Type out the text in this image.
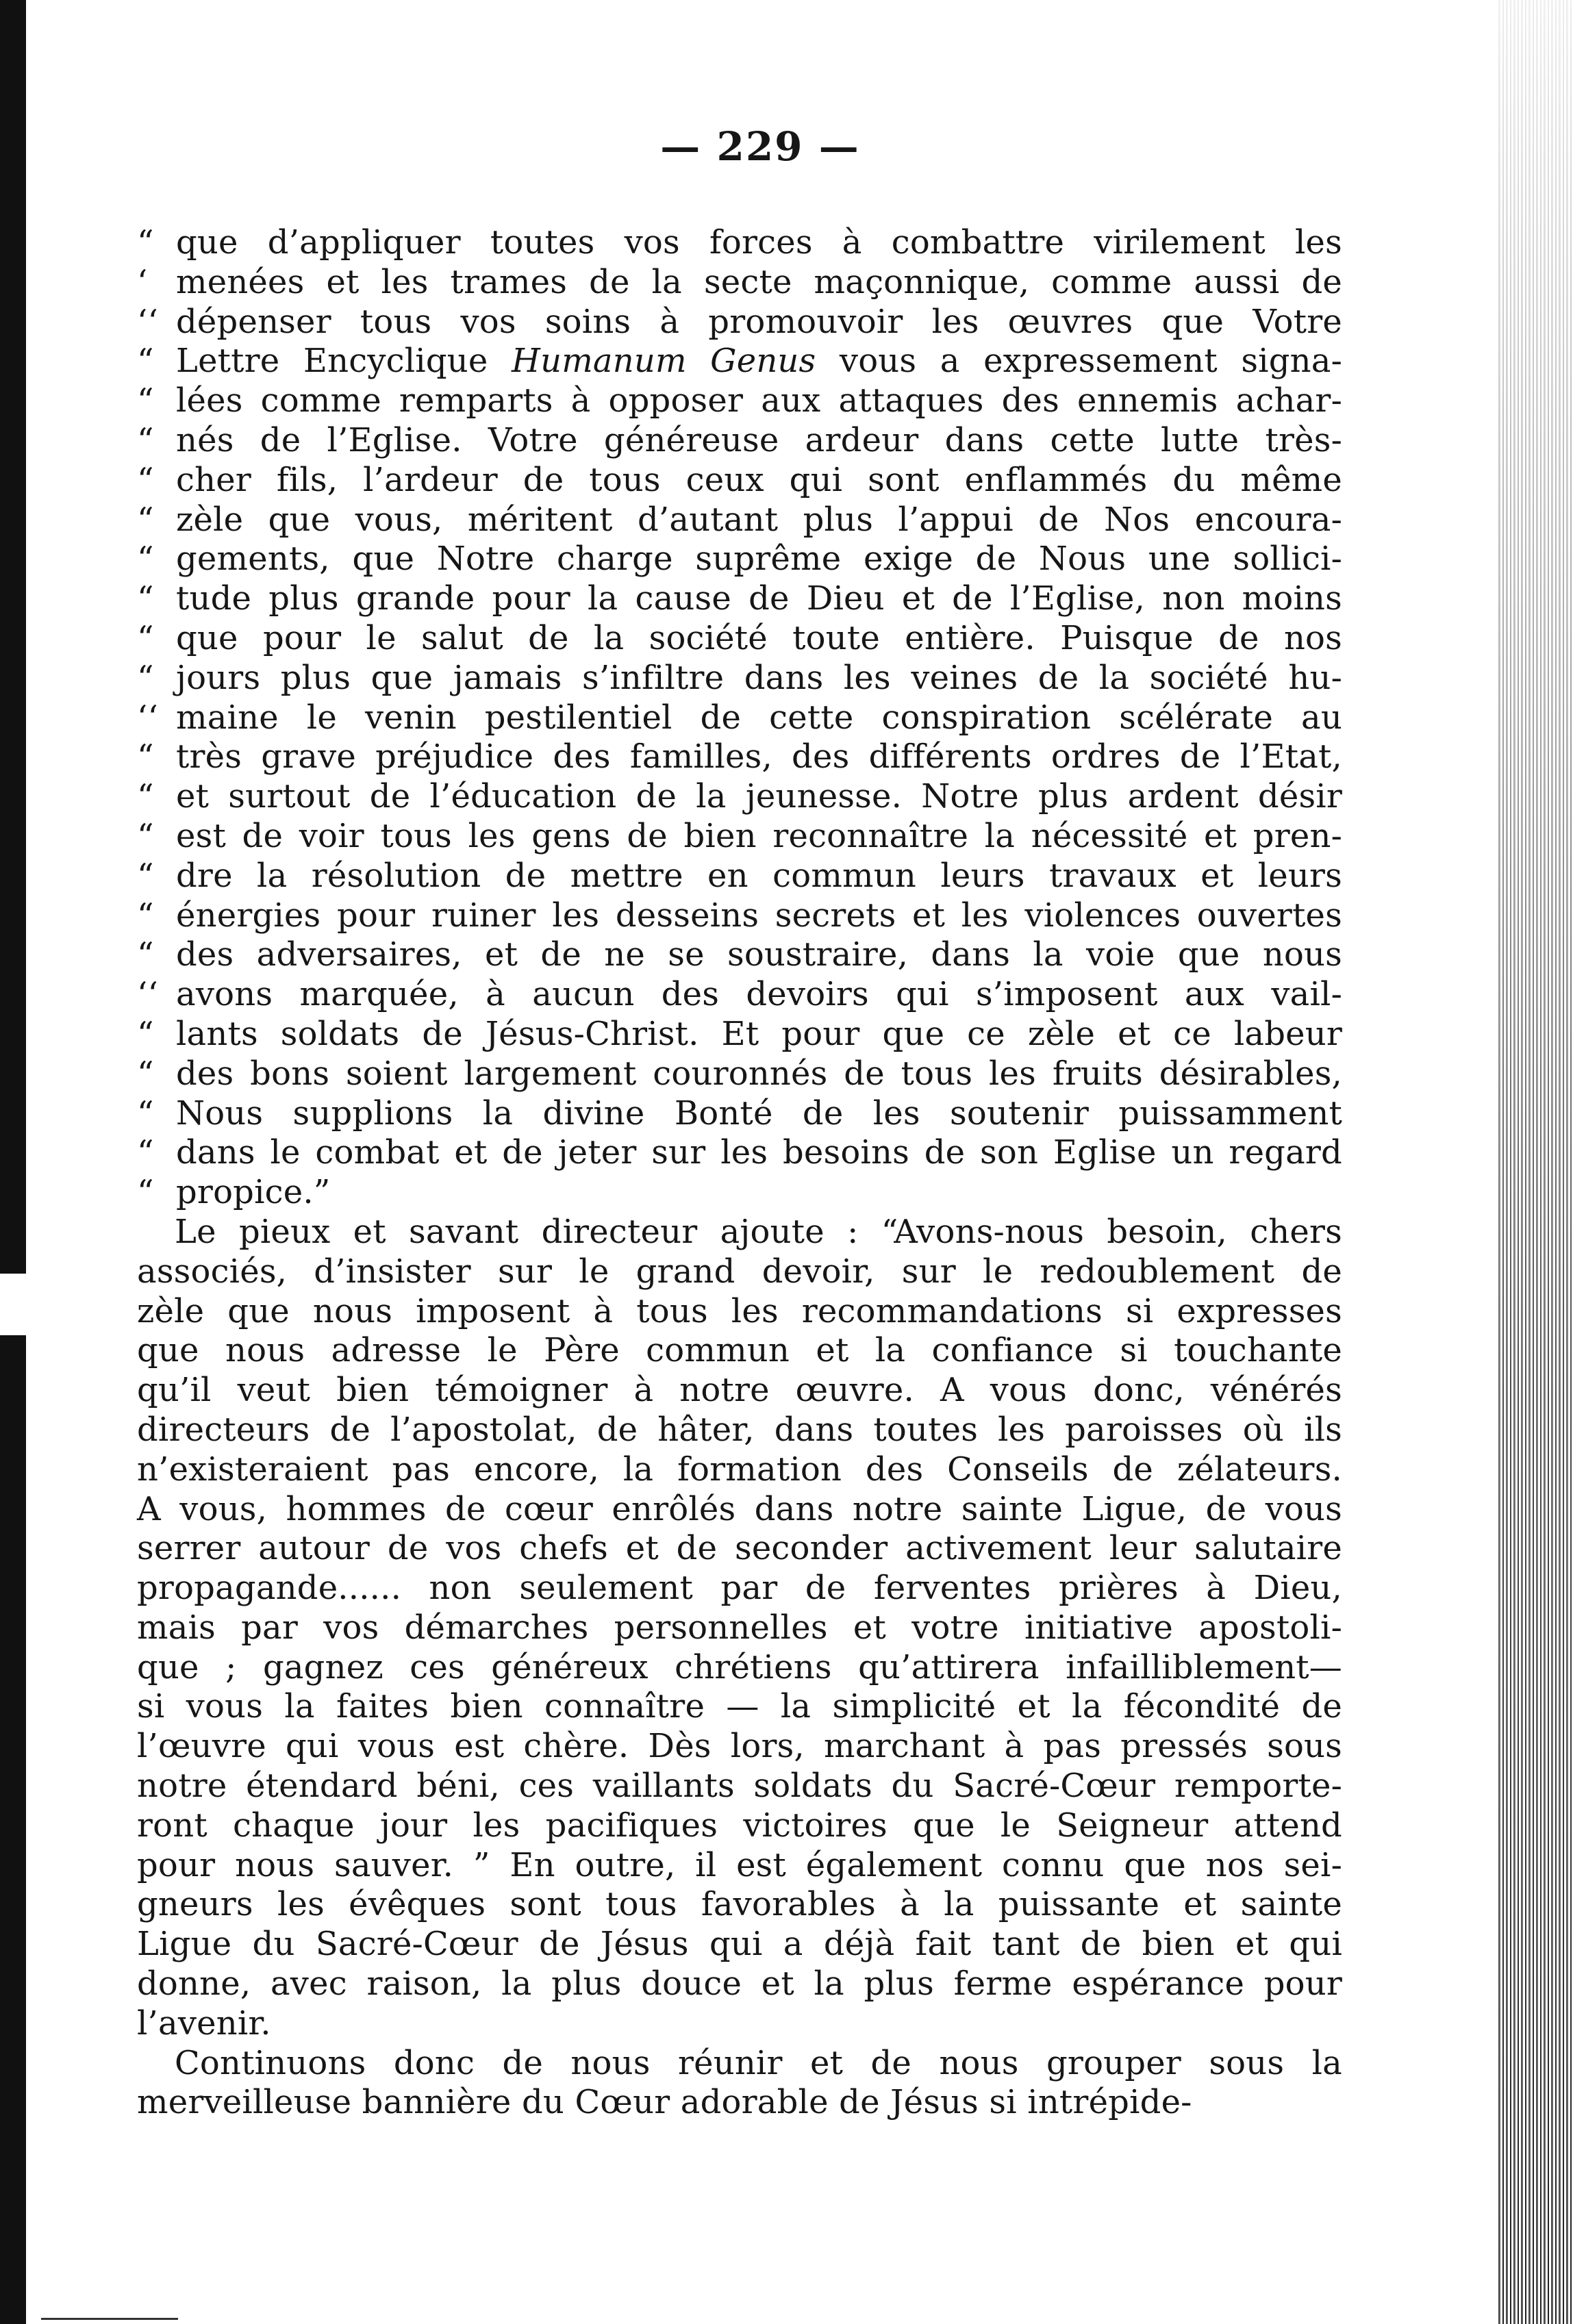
— 229 —
“ que d’appliquer toutes vos forces à combattre virilement les
‘ menées et les trames de la secte maçonnique, comme aussi de
‘‘ dépenser tous vos soins à promouvoir les œuvres que Votre
“ Lettre Encyclique Humanum Genus vous a expressement signa-
“ lées comme remparts à opposer aux attaques des ennemis achar-
“ nés de l’Eglise. Votre généreuse ardeur dans cette lutte très-
“ cher fils, l’ardeur de tous ceux qui sont enflammés du même
“ zèle que vous, méritent d’autant plus l’appui de Nos encoura-
“ gements, que Notre charge suprême exige de Nous une sollici-
“ tude plus grande pour la cause de Dieu et de l’Eglise, non moins
“ que pour le salut de la société toute entière. Puisque de nos
“ jours plus que jamais s’infiltre dans les veines de la société hu-
‘‘ maine le venin pestilentiel de cette conspiration scélérate au
“ très grave préjudice des familles, des différents ordres de l’Etat,
“ et surtout de l’éducation de la jeunesse. Notre plus ardent désir
“ est de voir tous les gens de bien reconnaître la nécessité et pren-
“ dre la résolution de mettre en commun leurs travaux et leurs
“ énergies pour ruiner les desseins secrets et les violences ouvertes
“ des adversaires, et de ne se soustraire, dans la voie que nous
‘‘ avons marquée, à aucun des devoirs qui s’imposent aux vail-
“ lants soldats de Jésus-Christ. Et pour que ce zèle et ce labeur
“ des bons soient largement couronnés de tous les fruits désirables,
“ Nous supplions la divine Bonté de les soutenir puissamment
“ dans le combat et de jeter sur les besoins de son Eglise un regard
“ propice.”
Le pieux et savant directeur ajoute : “Avons-nous besoin, chers
associés, d’insister sur le grand devoir, sur le redoublement de
zèle que nous imposent à tous les recommandations si expresses
que nous adresse le Père commun et la confiance si touchante
qu’il veut bien témoigner à notre œuvre. A vous donc, vénérés
directeurs de l’apostolat, de hâter, dans toutes les paroisses où ils
n’existeraient pas encore, la formation des Conseils de zélateurs.
A vous, hommes de cœur enrôlés dans notre sainte Ligue, de vous
serrer autour de vos chefs et de seconder activement leur salutaire
propagande...... non seulement par de ferventes prières à Dieu,
mais par vos démarches personnelles et votre initiative apostoli-
que ; gagnez ces généreux chrétiens qu’attirera infailliblement—
si vous la faites bien connaître — la simplicité et la fécondité de
l’œuvre qui vous est chère. Dès lors, marchant à pas pressés sous
notre étendard béni, ces vaillants soldats du Sacré-Cœur remporte-
ront chaque jour les pacifiques victoires que le Seigneur attend
pour nous sauver. ” En outre, il est également connu que nos sei-
gneurs les évêques sont tous favorables à la puissante et sainte
Ligue du Sacré-Cœur de Jésus qui a déjà fait tant de bien et qui
donne, avec raison, la plus douce et la plus ferme espérance pour
l’avenir.
Continuons donc de nous réunir et de nous grouper sous la
merveilleuse bannière du Cœur adorable de Jésus si intrépide-
